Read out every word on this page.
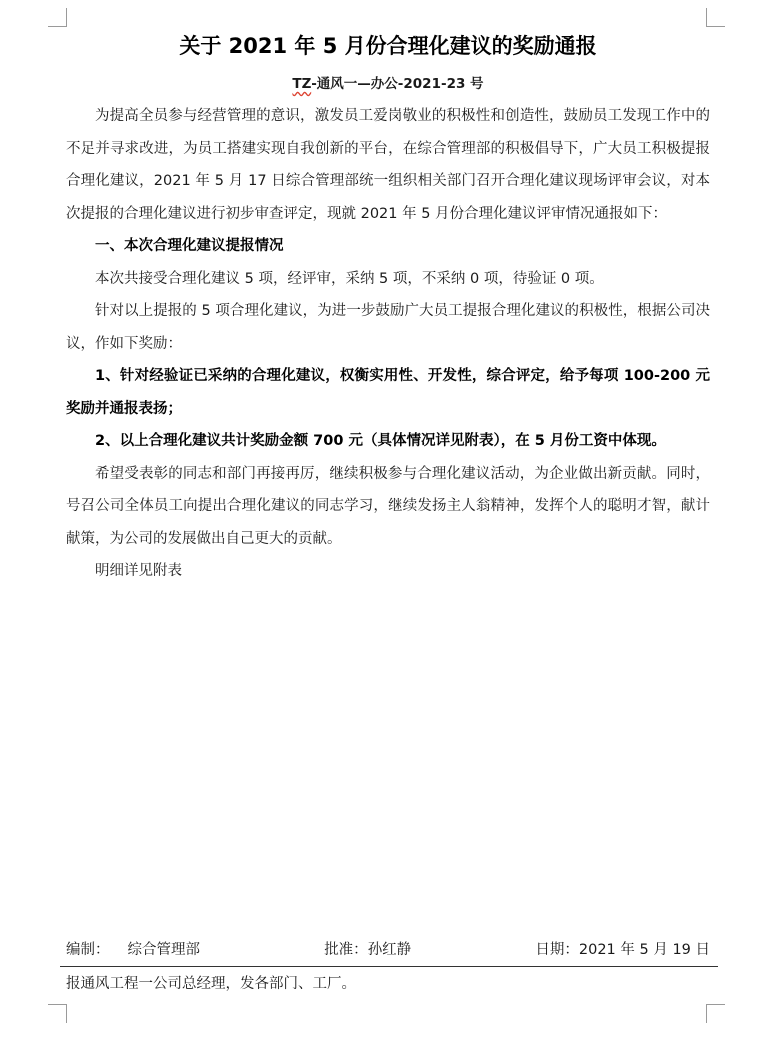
关于 2021 年 5 月份合理化建议的奖励通报
TZ-通风一—办公-2021-23 号

为提高全员参与经营管理的意识，激发员工爱岗敬业的积极性和创造性，鼓励员工发现工作中的不足并寻求改进，为员工搭建实现自我创新的平台，在综合管理部的积极倡导下，广大员工积极提报合理化建议，2021 年 5 月 17 日综合管理部统一组织相关部门召开合理化建议现场评审会议，对本次提报的合理化建议进行初步审查评定，现就 2021 年 5 月份合理化建议评审情况通报如下：

一、本次合理化建议提报情况

本次共接受合理化建议 5 项，经评审，采纳 5 项，不采纳 0 项，待验证 0 项。

针对以上提报的 5 项合理化建议，为进一步鼓励广大员工提报合理化建议的积极性，根据公司决议，作如下奖励：

1、针对经验证已采纳的合理化建议，权衡实用性、开发性，综合评定，给予每项 100-200 元奖励并通报表扬；

2、以上合理化建议共计奖励金额 700 元（具体情况详见附表），在 5 月份工资中体现。

希望受表彰的同志和部门再接再厉，继续积极参与合理化建议活动，为企业做出新贡献。同时，号召公司全体员工向提出合理化建议的同志学习，继续发扬主人翁精神，发挥个人的聪明才智，献计献策，为公司的发展做出自己更大的贡献。

明细详见附表

编制： 综合管理部	批准：孙红静	日期：2021 年 5 月 19 日
报通风工程一公司总经理，发各部门、工厂。
